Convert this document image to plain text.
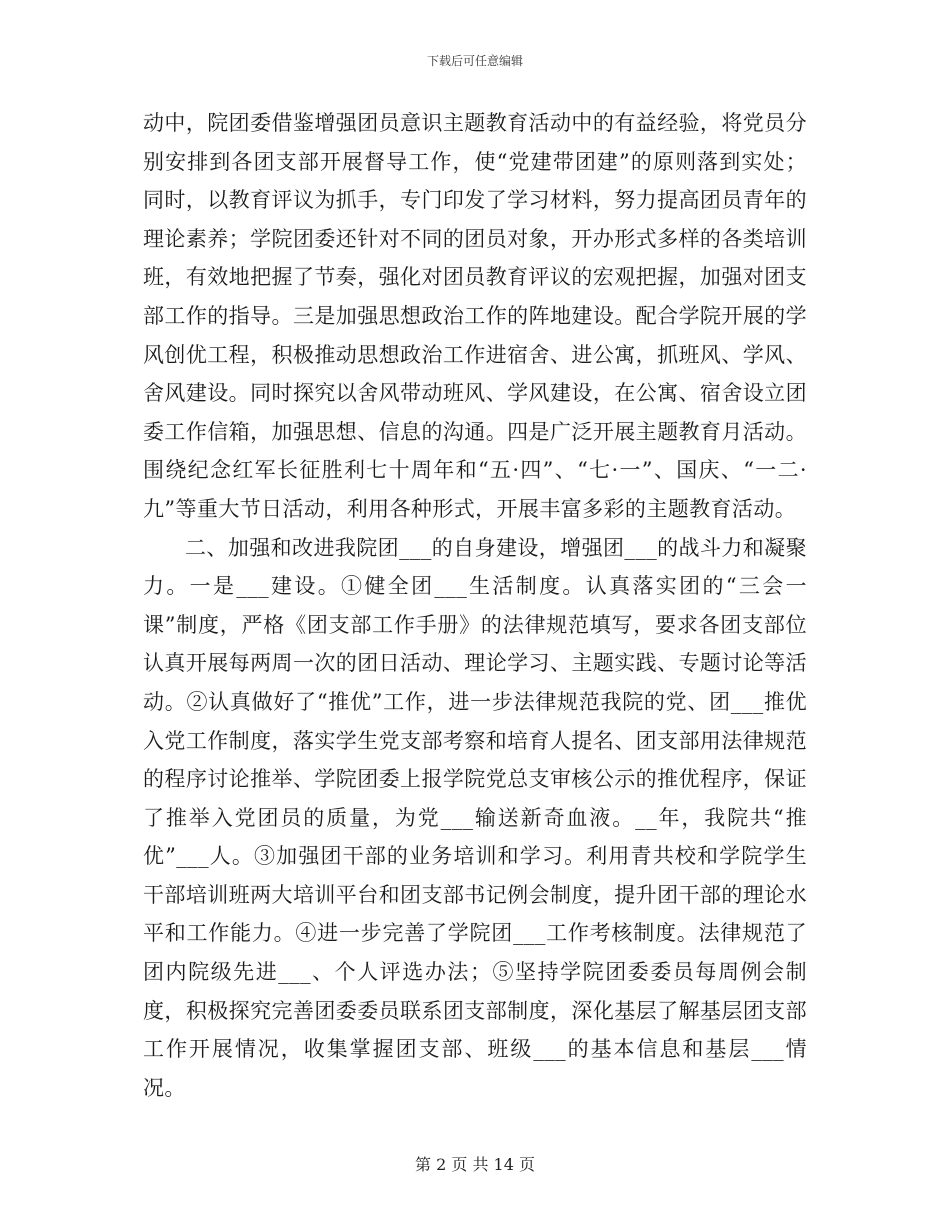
下载后可任意编辑

动中，院团委借鉴增强团员意识主题教育活动中的有益经验，将党员分别安排到各团支部开展督导工作，使“党建带团建”的原则落到实处；同时，以教育评议为抓手，专门印发了学习材料，努力提高团员青年的理论素养；学院团委还针对不同的团员对象，开办形式多样的各类培训班，有效地把握了节奏，强化对团员教育评议的宏观把握，加强对团支部工作的指导。三是加强思想政治工作的阵地建设。配合学院开展的学风创优工程，积极推动思想政治工作进宿舍、进公寓，抓班风、学风、舍风建设。同时探究以舍风带动班风、学风建设，在公寓、宿舍设立团委工作信箱，加强思想、信息的沟通。四是广泛开展主题教育月活动。围绕纪念红军长征胜利七十周年和“五·四”、“七·一”、国庆、“一二·九”等重大节日活动，利用各种形式，开展丰富多彩的主题教育活动。

二、加强和改进我院团___的自身建设，增强团___的战斗力和凝聚力。一是___建设。①健全团___生活制度。认真落实团的“三会一课”制度，严格《团支部工作手册》的法律规范填写，要求各团支部位认真开展每两周一次的团日活动、理论学习、主题实践、专题讨论等活动。②认真做好了“推优”工作，进一步法律规范我院的党、团___推优入党工作制度，落实学生党支部考察和培育人提名、团支部用法律规范的程序讨论推举、学院团委上报学院党总支审核公示的推优程序，保证了推举入党团员的质量，为党___输送新奇血液。__年，我院共“推优”___人。③加强团干部的业务培训和学习。利用青共校和学院学生干部培训班两大培训平台和团支部书记例会制度，提升团干部的理论水平和工作能力。④进一步完善了学院团___工作考核制度。法律规范了团内院级先进___、个人评选办法；⑤坚持学院团委委员每周例会制度，积极探究完善团委委员联系团支部制度，深化基层了解基层团支部工作开展情况，收集掌握团支部、班级___的基本信息和基层___情况。

第 2 页 共 14 页
